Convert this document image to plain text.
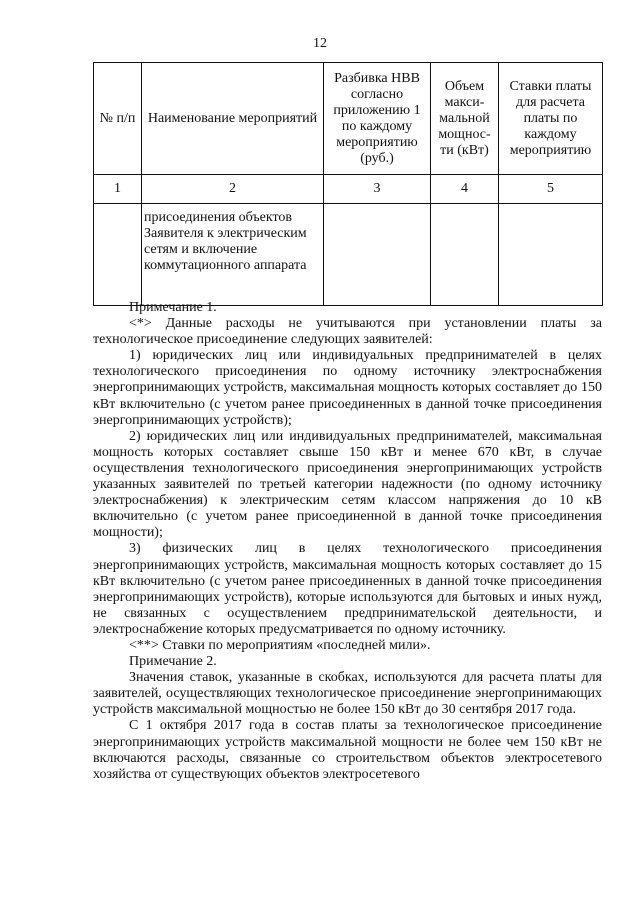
12
№ п/п	Наименование мероприятий	Разбивка НВВ согласно приложению 1 по каждому мероприятию (руб.)	Объем макси-мальной мощнос-ти (кВт)	Ставки платы для расчета платы по каждому мероприятию
1	2	3	4	5
	присоединения объектов Заявителя к электрическим сетям и включение коммутационного аппарата			

Примечание 1.

<*> Данные расходы не учитываются при установлении платы за технологическое присоединение следующих заявителей:

1) юридических лиц или индивидуальных предпринимателей в целях технологического присоединения по одному источнику электроснабжения энергопринимающих устройств, максимальная мощность которых составляет до 150 кВт включительно (с учетом ранее присоединенных в данной точке присоединения энергопринимающих устройств);

2) юридических лиц или индивидуальных предпринимателей, максимальная мощность которых составляет свыше 150 кВт и менее 670 кВт, в случае осуществления технологического присоединения энергопринимающих устройств указанных заявителей по третьей категории надежности (по одному источнику электроснабжения) к электрическим сетям классом напряжения до 10 кВ включительно (с учетом ранее присоединенной в данной точке присоединения мощности);

3) физических лиц в целях технологического присоединения энергопринимающих устройств, максимальная мощность которых составляет до 15 кВт включительно (с учетом ранее присоединенных в данной точке присоединения энергопринимающих устройств), которые используются для бытовых и иных нужд, не связанных с осуществлением предпринимательской деятельности, и электроснабжение которых предусматривается по одному источнику.

<**> Ставки по мероприятиям «последней мили».

Примечание 2.

Значения ставок, указанные в скобках, используются для расчета платы для заявителей, осуществляющих технологическое присоединение энергопринимающих устройств максимальной мощностью не более 150 кВт до 30 сентября 2017 года.

С 1 октября 2017 года в состав платы за технологическое присоединение энергопринимающих устройств максимальной мощности не более чем 150 кВт не включаются расходы, связанные со строительством объектов электросетевого хозяйства от существующих объектов электросетевого
